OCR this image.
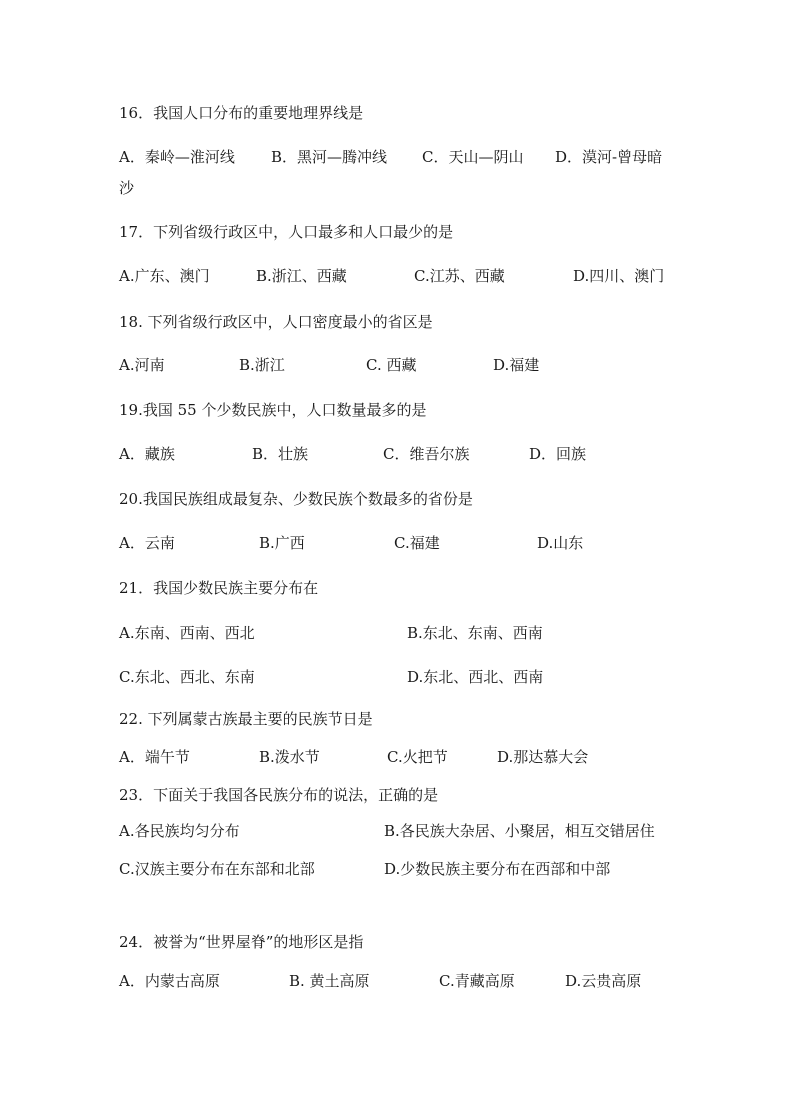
16．我国人口分布的重要地理界线是
A．秦岭—淮河线 B．黑河—腾冲线 C．天山—阴山 D．漠河-曾母暗
沙
17．下列省级行政区中，人口最多和人口最少的是
A.广东、澳门	B.浙江、西藏	C.江苏、西藏	D.四川、澳门
18. 下列省级行政区中，人口密度最小的省区是
A.河南	B.浙江	C. 西藏	D.福建
19.我国 55 个少数民族中，人口数量最多的是
A．藏族	B．壮族	C．维吾尔族	D．回族
20.我国民族组成最复杂、少数民族个数最多的省份是
A．云南	B.广西	C.福建	D.山东
21．我国少数民族主要分布在
A.东南、西南、西北	B.东北、东南、西南
C.东北、西北、东南	D.东北、西北、西南
22. 下列属蒙古族最主要的民族节日是
A．端午节	B.泼水节	C.火把节	D.那达慕大会
23．下面关于我国各民族分布的说法，正确的是
A.各民族均匀分布	B.各民族大杂居、小聚居，相互交错居住
C.汉族主要分布在东部和北部	D.少数民族主要分布在西部和中部
24．被誉为“世界屋脊”的地形区是指
A．内蒙古高原	B. 黄土高原	C.青藏高原	D.云贵高原
